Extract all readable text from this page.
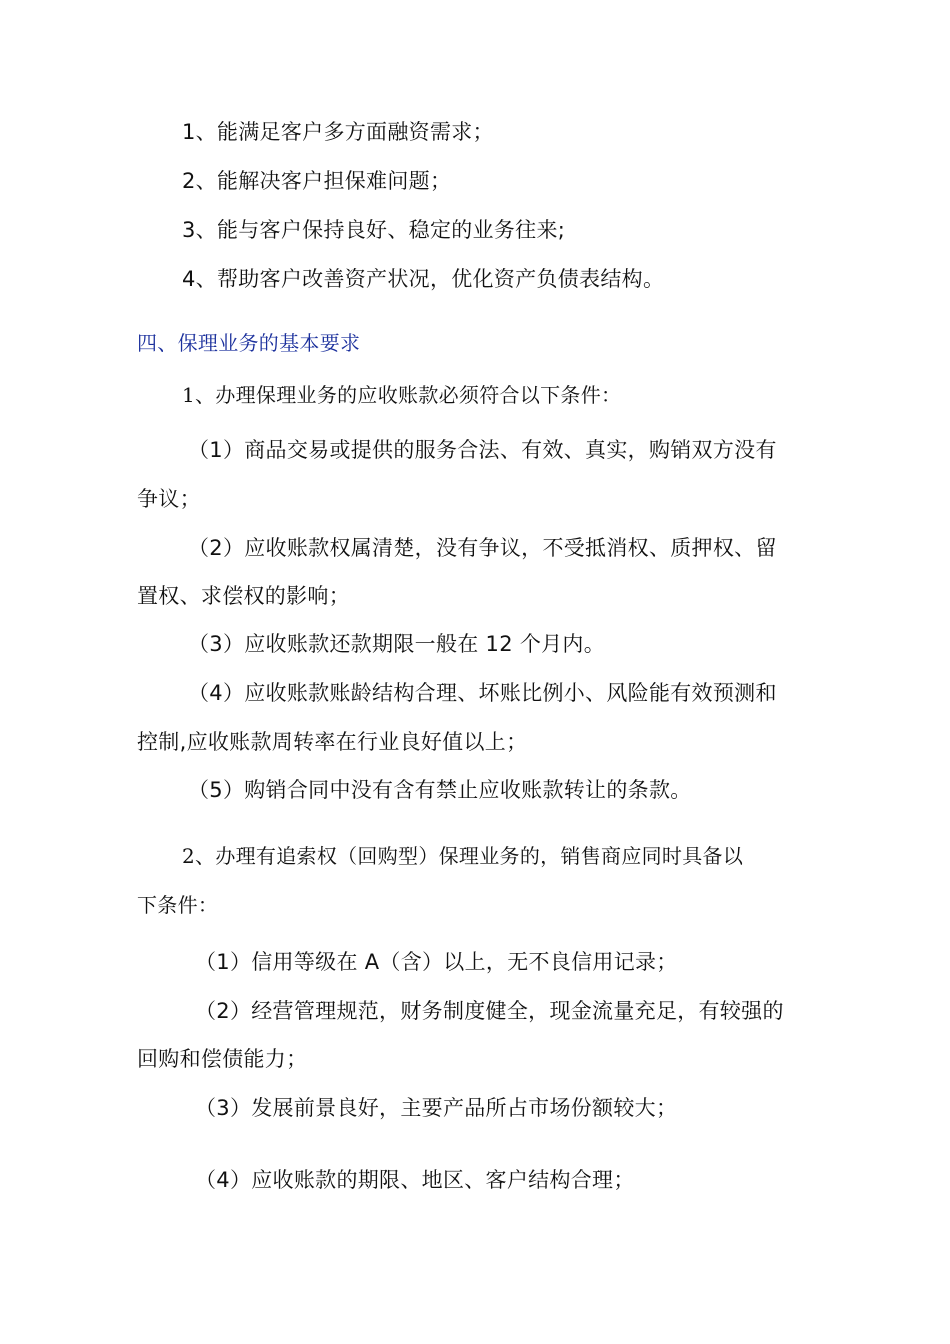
1、能满足客户多方面融资需求；
2、能解决客户担保难问题；
3、能与客户保持良好、稳定的业务往来;
4、帮助客户改善资产状况，优化资产负债表结构。
四、保理业务的基本要求
1、办理保理业务的应收账款必须符合以下条件：
（1）商品交易或提供的服务合法、有效、真实，购销双方没有
争议；
（2）应收账款权属清楚，没有争议，不受抵消权、质押权、留
置权、求偿权的影响；
（3）应收账款还款期限一般在 12 个月内。
（4）应收账款账龄结构合理、坏账比例小、风险能有效预测和
控制,应收账款周转率在行业良好值以上；
（5）购销合同中没有含有禁止应收账款转让的条款。
2、办理有追索权（回购型）保理业务的，销售商应同时具备以
下条件：
（1）信用等级在 A（含）以上，无不良信用记录；
（2）经营管理规范，财务制度健全，现金流量充足，有较强的
回购和偿债能力；
（3）发展前景良好，主要产品所占市场份额较大；
（4）应收账款的期限、地区、客户结构合理；
